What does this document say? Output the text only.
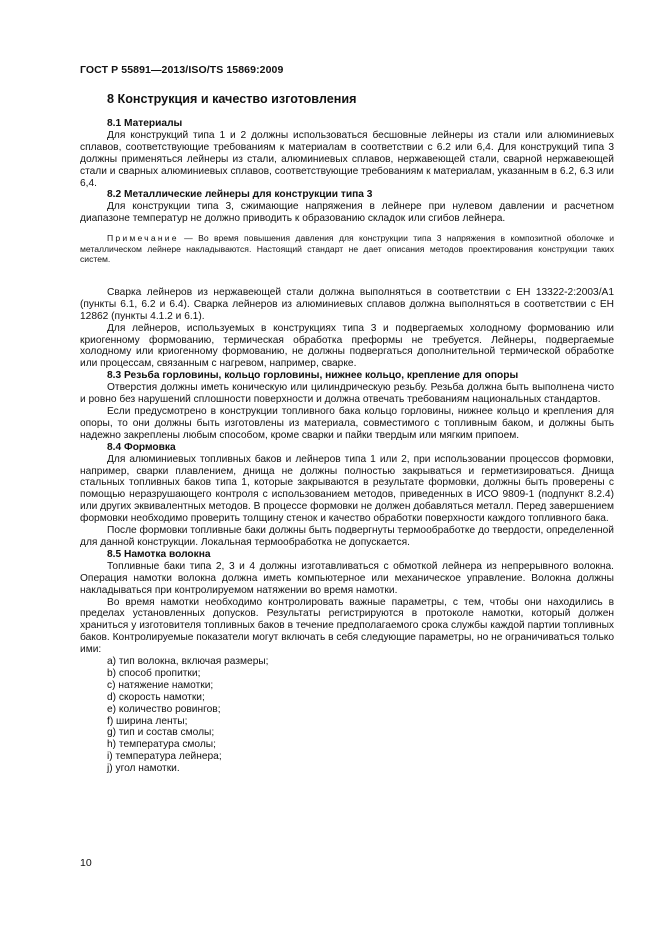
ГОСТ Р 55891—2013/ISO/TS 15869:2009
8 Конструкция и качество изготовления
8.1 Материалы

Для конструкций типа 1 и 2 должны использоваться бесшовные лейнеры из стали или алюминиевых сплавов, соответствующие требованиям к материалам в соответствии с 6.2 или 6,4. Для конструкций типа 3 должны применяться лейнеры из стали, алюминиевых сплавов, нержавеющей стали, сварной нержавеющей стали и сварных алюминиевых сплавов, соответствующие требованиям к материалам, указанным в 6.2, 6.3 или 6,4.

8.2 Металлические лейнеры для конструкции типа 3

Для конструкции типа 3, сжимающие напряжения в лейнере при нулевом давлении и расчетном диапазоне температур не должно приводить к образованию складок или сгибов лейнера.

Примечание — Во время повышения давления для конструкции типа 3 напряжения в композитной оболочке и металлическом лейнере накладываются. Настоящий стандарт не дает описания методов проектирования конструкции таких систем.

Сварка лейнеров из нержавеющей стали должна выполняться в соответствии с ЕН 13322-2:2003/А1 (пункты 6.1, 6.2 и 6.4). Сварка лейнеров из алюминиевых сплавов должна выполняться в соответствии с ЕН 12862 (пункты 4.1.2 и 6.1).

Для лейнеров, используемых в конструкциях типа 3 и подвергаемых холодному формованию или криогенному формованию, термическая обработка преформы не требуется. Лейнеры, подвергаемые холодному или криогенному формованию, не должны подвергаться дополнительной термической обработке или процессам, связанным с нагревом, например, сварке.

8.3 Резьба горловины, кольцо горловины, нижнее кольцо, крепление для опоры

Отверстия должны иметь коническую или цилиндрическую резьбу. Резьба должна быть выполнена чисто и ровно без нарушений сплошности поверхности и должна отвечать требованиям национальных стандартов.

Если предусмотрено в конструкции топливного бака кольцо горловины, нижнее кольцо и крепления для опоры, то они должны быть изготовлены из материала, совместимого с топливным баком, и должны быть надежно закреплены любым способом, кроме сварки и пайки твердым или мягким припоем.

8.4 Формовка

Для алюминиевых топливных баков и лейнеров типа 1 или 2, при использовании процессов формовки, например, сварки плавлением, днища не должны полностью закрываться и герметизироваться. Днища стальных топливных баков типа 1, которые закрываются в результате формовки, должны быть проверены с помощью неразрушающего контроля с использованием методов, приведенных в ИСО 9809-1 (подпункт 8.2.4) или других эквивалентных методов. В процессе формовки не должен добавляться металл. Перед завершением формовки необходимо проверить толщину стенок и качество обработки поверхности каждого топливного бака.

После формовки топливные баки должны быть подвергнуты термообработке до твердости, определенной для данной конструкции. Локальная термообработка не допускается.

8.5 Намотка волокна

Топливные баки типа 2, 3 и 4 должны изготавливаться с обмоткой лейнера из непрерывного волокна. Операция намотки волокна должна иметь компьютерное или механическое управление. Волокна должны накладываться при контролируемом натяжении во время намотки.

Во время намотки необходимо контролировать важные параметры, с тем, чтобы они находились в пределах установленных допусков. Результаты регистрируются в протоколе намотки, который должен храниться у изготовителя топливных баков в течение предполагаемого срока службы каждой партии топливных баков. Контролируемые показатели могут включать в себя следующие параметры, но не ограничиваться только ими:

a) тип волокна, включая размеры;
b) способ пропитки;
c) натяжение намотки;
d) скорость намотки;
e) количество ровингов;
f) ширина ленты;
g) тип и состав смолы;
h) температура смолы;
i) температура лейнера;
j) угол намотки.
10
